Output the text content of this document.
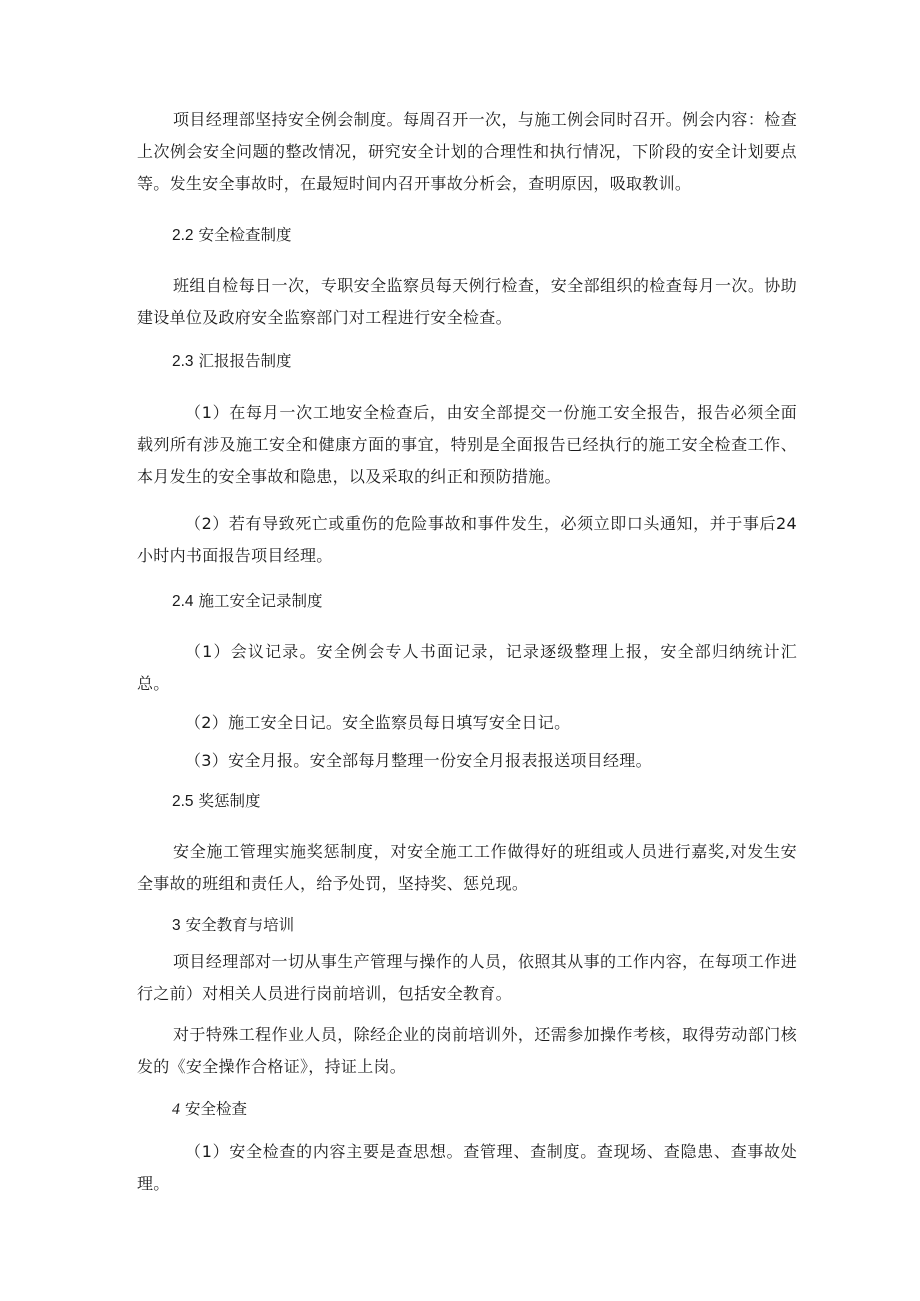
项目经理部坚持安全例会制度。每周召开一次，与施工例会同时召开。例会内容：检查上次例会安全问题的整改情况，研究安全计划的合理性和执行情况，下阶段的安全计划要点等。发生安全事故时，在最短时间内召开事故分析会，查明原因，吸取教训。

2.2 安全检查制度

班组自检每日一次，专职安全监察员每天例行检查，安全部组织的检查每月一次。协助建设单位及政府安全监察部门对工程进行安全检查。

2.3 汇报报告制度

（1）在每月一次工地安全检查后，由安全部提交一份施工安全报告，报告必须全面载列所有涉及施工安全和健康方面的事宜，特别是全面报告已经执行的施工安全检查工作、本月发生的安全事故和隐患，以及采取的纠正和预防措施。

（2）若有导致死亡或重伤的危险事故和事件发生，必须立即口头通知，并于事后24小时内书面报告项目经理。

2.4 施工安全记录制度

（1）会议记录。安全例会专人书面记录，记录逐级整理上报，安全部归纳统计汇总。

（2）施工安全日记。安全监察员每日填写安全日记。

（3）安全月报。安全部每月整理一份安全月报表报送项目经理。

2.5 奖惩制度

安全施工管理实施奖惩制度，对安全施工工作做得好的班组或人员进行嘉奖,对发生安全事故的班组和责任人，给予处罚，坚持奖、惩兑现。

3 安全教育与培训

项目经理部对一切从事生产管理与操作的人员，依照其从事的工作内容，在每项工作进行之前）对相关人员进行岗前培训，包括安全教育。

对于特殊工程作业人员，除经企业的岗前培训外，还需参加操作考核，取得劳动部门核发的《安全操作合格证》，持证上岗。

4 安全检查

（1）安全检查的内容主要是查思想。查管理、查制度。查现场、查隐患、查事故处理。
